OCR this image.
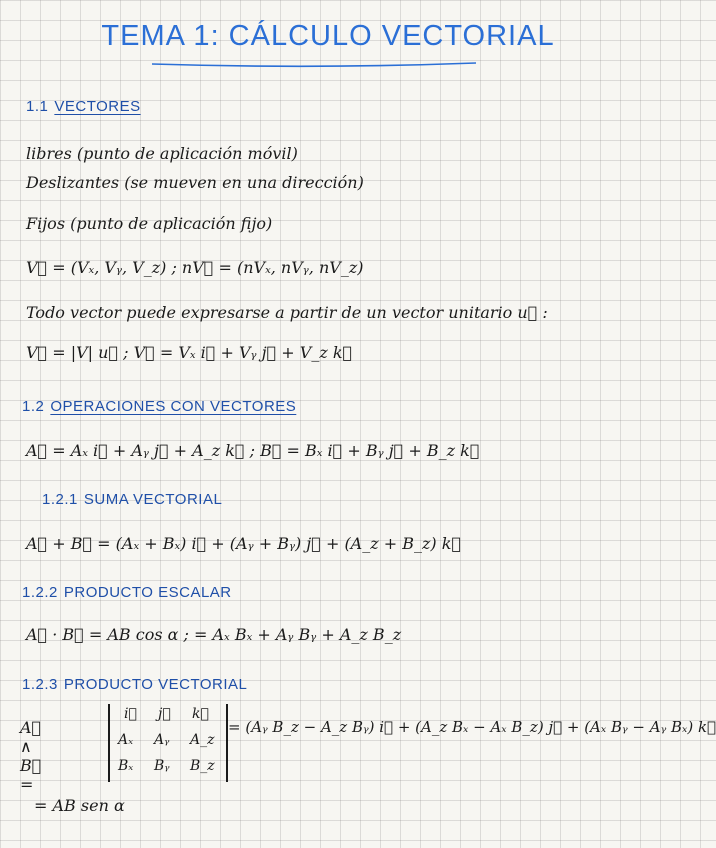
TEMA 1: CÁLCULO VECTORIAL
1.1 VECTORES
libres (punto de aplicación móvil)
Deslizantes (se mueven en una dirección)
Fijos (punto de aplicación fijo)
V⃗ = (Vₓ, Vᵧ, V_z) ; nV⃗ = (nVₓ, nVᵧ, nV_z)
Todo vector puede expresarse a partir de un vector unitario u⃗ :
V⃗ = |V| u⃗ ; V⃗ = Vₓ i⃗ + Vᵧ j⃗ + V_z k⃗
1.2 OPERACIONES CON VECTORES
A⃗ = Aₓ i⃗ + Aᵧ j⃗ + A_z k⃗ ; B⃗ = Bₓ i⃗ + Bᵧ j⃗ + B_z k⃗
1.2.1 SUMA VECTORIAL
A⃗ + B⃗ = (Aₓ + Bₓ) i⃗ + (Aᵧ + Bᵧ) j⃗ + (A_z + B_z) k⃗
1.2.2 PRODUCTO ESCALAR
A⃗ · B⃗ = AB cos α ; = Aₓ Bₓ + Aᵧ Bᵧ + A_z B_z
1.2.3 PRODUCTO VECTORIAL
A⃗ ∧ B⃗ =
i⃗ j⃗ k⃗
Aₓ Aᵧ A_z
Bₓ Bᵧ B_z
= (Aᵧ B_z − A_z Bᵧ) i⃗ + (A_z Bₓ − Aₓ B_z) j⃗ + (Aₓ Bᵧ − Aᵧ Bₓ) k⃗
= AB sen α
